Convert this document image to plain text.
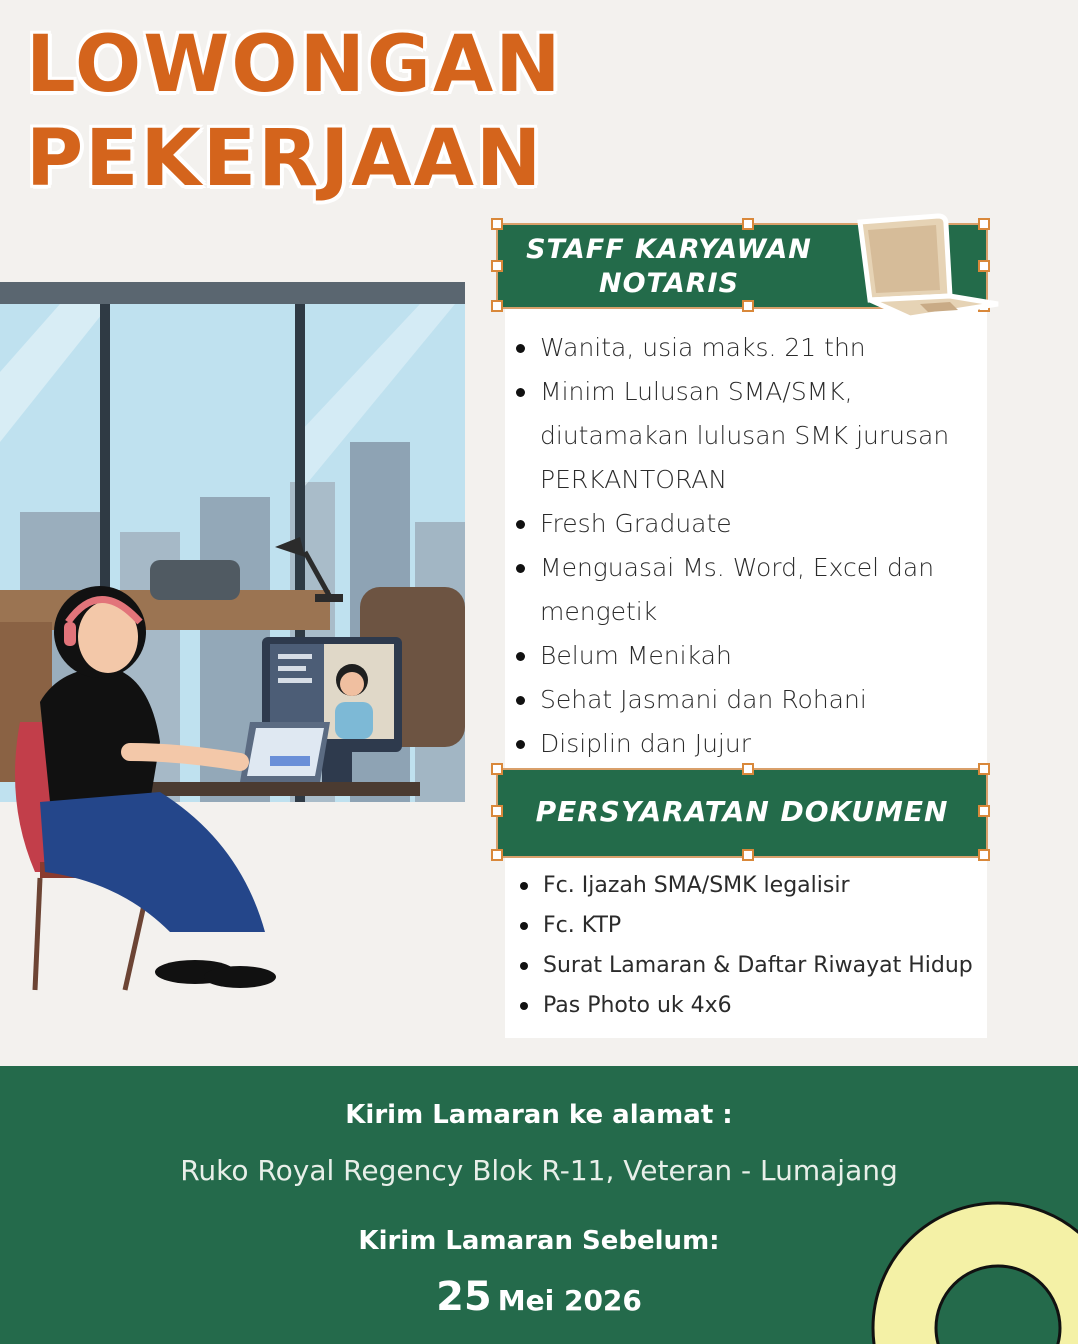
LOWONGAN
PEKERJAAN
STAFF KARYAWAN NOTARIS
Wanita, usia maks. 21 thn
Minim Lulusan SMA/SMK, diutamakan lulusan SMK jurusan PERKANTORAN
Fresh Graduate
Menguasai Ms. Word, Excel dan mengetik
Belum Menikah
Sehat Jasmani dan Rohani
Disiplin dan Jujur
PERSYARATAN DOKUMEN
Fc. Ijazah SMA/SMK legalisir
Fc. KTP
Surat Lamaran & Daftar Riwayat Hidup
Pas Photo uk 4x6
Kirim Lamaran ke alamat :
Ruko Royal Regency Blok R-11, Veteran - Lumajang
Kirim Lamaran Sebelum:
25 Mei 2026
